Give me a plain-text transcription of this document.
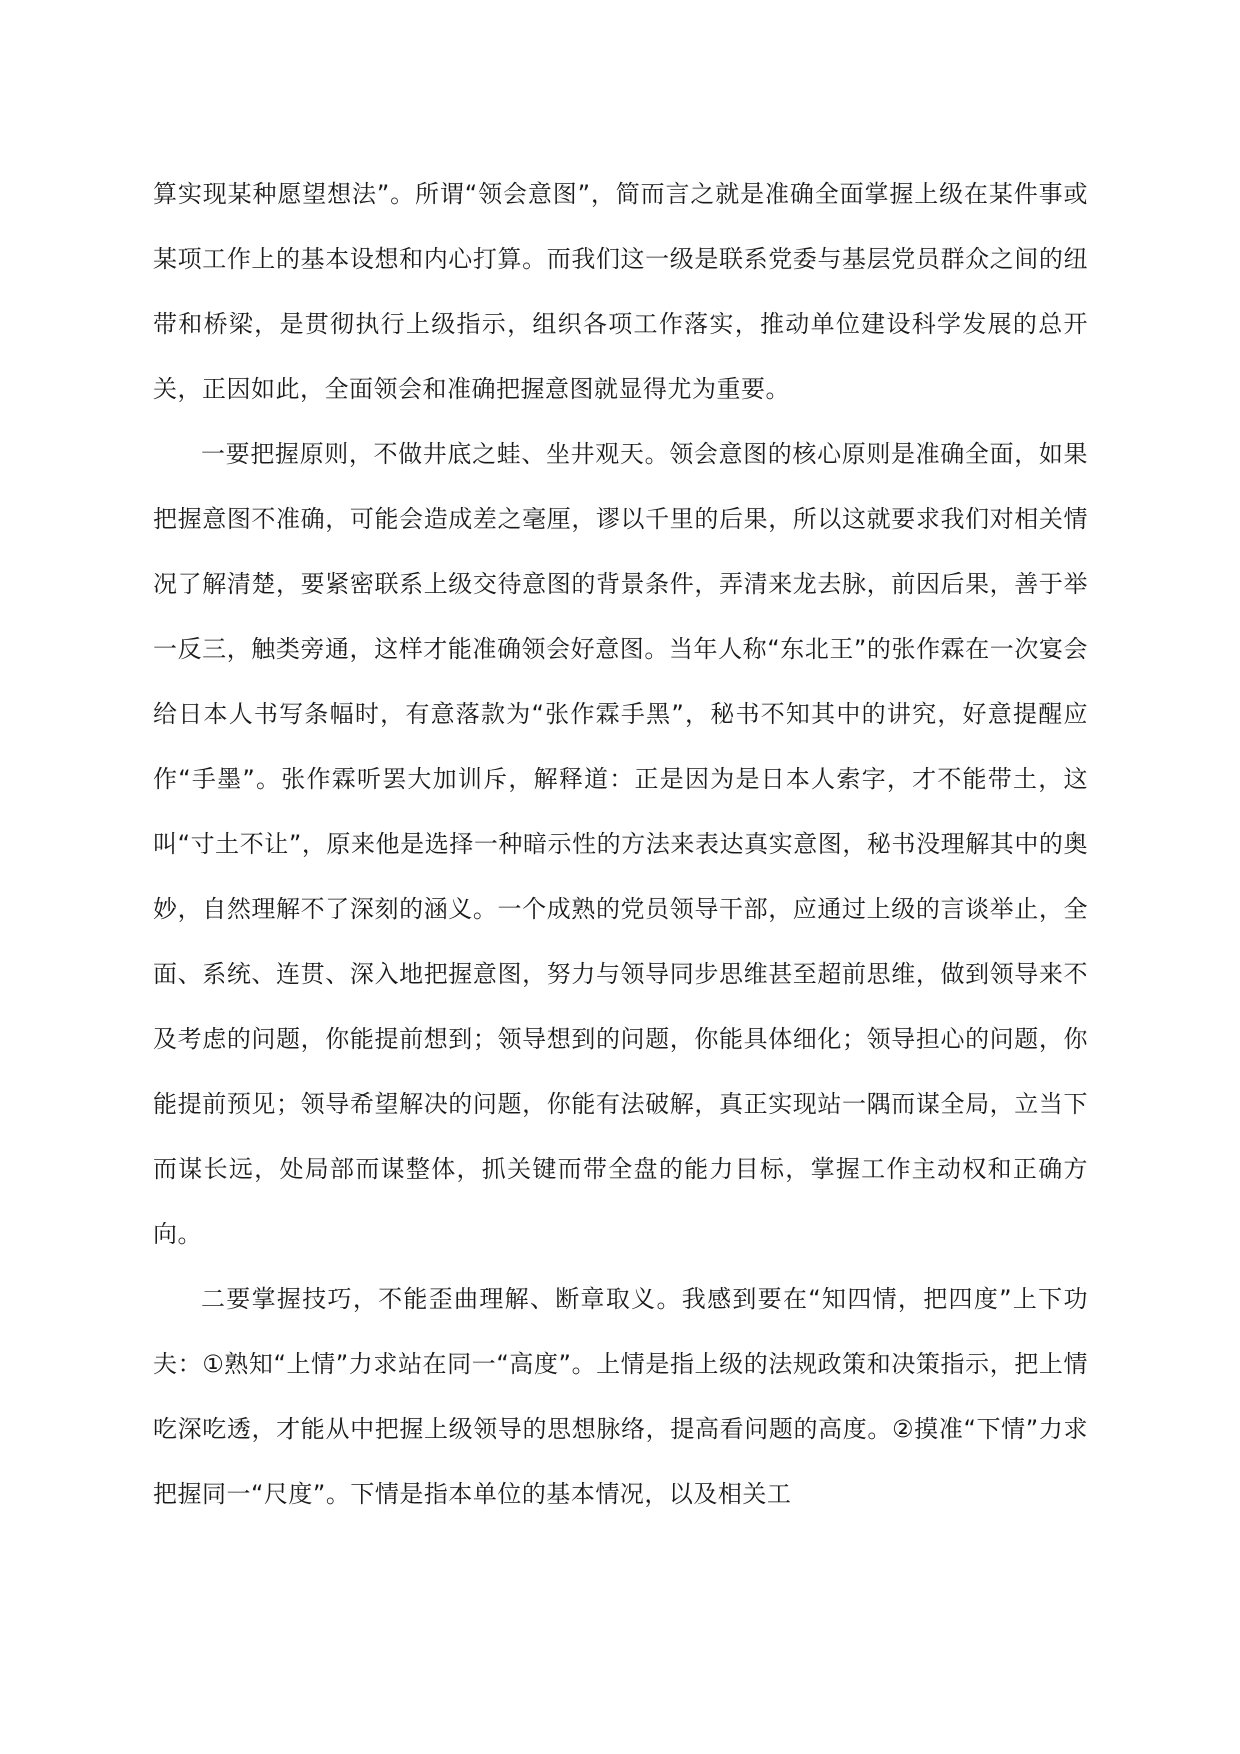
算实现某种愿望想法”。所谓“领会意图”，简而言之就是准确全面掌握上级在某件事或某项工作上的基本设想和内心打算。而我们这一级是联系党委与基层党员群众之间的纽带和桥梁，是贯彻执行上级指示，组织各项工作落实，推动单位建设科学发展的总开关，正因如此，全面领会和准确把握意图就显得尤为重要。

一要把握原则，不做井底之蛙、坐井观天。领会意图的核心原则是准确全面，如果把握意图不准确，可能会造成差之毫厘，谬以千里的后果，所以这就要求我们对相关情况了解清楚，要紧密联系上级交待意图的背景条件，弄清来龙去脉，前因后果，善于举一反三，触类旁通，这样才能准确领会好意图。当年人称“东北王”的张作霖在一次宴会给日本人书写条幅时，有意落款为“张作霖手黑”，秘书不知其中的讲究，好意提醒应作“手墨”。张作霖听罢大加训斥，解释道：正是因为是日本人索字，才不能带土，这叫“寸土不让”，原来他是选择一种暗示性的方法来表达真实意图，秘书没理解其中的奥妙，自然理解不了深刻的涵义。一个成熟的党员领导干部，应通过上级的言谈举止，全面、系统、连贯、深入地把握意图，努力与领导同步思维甚至超前思维，做到领导来不及考虑的问题，你能提前想到；领导想到的问题，你能具体细化；领导担心的问题，你能提前预见；领导希望解决的问题，你能有法破解，真正实现站一隅而谋全局，立当下而谋长远，处局部而谋整体，抓关键而带全盘的能力目标，掌握工作主动权和正确方向。

二要掌握技巧，不能歪曲理解、断章取义。我感到要在“知四情，把四度”上下功夫：①熟知“上情”力求站在同一“高度”。上情是指上级的法规政策和决策指示，把上情吃深吃透，才能从中把握上级领导的思想脉络，提高看问题的高度。②摸准“下情”力求把握同一“尺度”。下情是指本单位的基本情况，以及相关工
